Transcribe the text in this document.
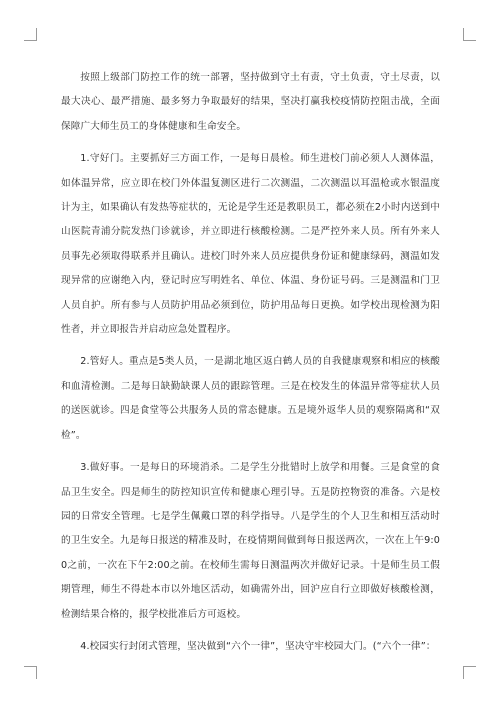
按照上级部门防控工作的统一部署，坚持做到守土有责，守土负责，守土尽责，以最大决心、最严措施、最多努力争取最好的结果，坚决打赢我校疫情防控阻击战，全面保障广大师生员工的身体健康和生命安全。

1.守好门。主要抓好三方面工作，一是每日晨检。师生进校门前必须人人测体温，如体温异常，应立即在校门外体温复测区进行二次测温，二次测温以耳温枪或水银温度计为主，如果确认有发热等症状的，无论是学生还是教职员工，都必须在2小时内送到中山医院青浦分院发热门诊就诊，并立即进行核酸检测。二是严控外来人员。所有外来人员事先必须取得联系并且确认。进校门时外来人员应提供身份证和健康绿码，测温如发现异常的应谢绝入内，登记时应写明姓名、单位、体温、身份证号码。三是测温和门卫人员自护。所有参与人员防护用品必须到位，防护用品每日更换。如学校出现检测为阳性者，并立即报告并启动应急处置程序。

2.管好人。重点是5类人员，一是湖北地区返白鹤人员的自我健康观察和相应的核酸和血清检测。二是每日缺勤缺课人员的跟踪管理。三是在校发生的体温异常等症状人员的送医就诊。四是食堂等公共服务人员的常态健康。五是境外返华人员的观察隔离和“双检”。

3.做好事。一是每日的环境消杀。二是学生分批错时上放学和用餐。三是食堂的食品卫生安全。四是师生的防控知识宣传和健康心理引导。五是防控物资的准备。六是校园的日常安全管理。七是学生佩戴口罩的科学指导。八是学生的个人卫生和相互活动时的卫生安全。九是每日报送的精准及时，在疫情期间做到每日报送两次，一次在上午9:00之前，一次在下午2:00之前。在校师生需每日测温两次并做好记录。十是师生员工假期管理，师生不得赴本市以外地区活动，如确需外出，回沪应自行立即做好核酸检测，检测结果合格的，报学校批准后方可返校。

4.校园实行封闭式管理，坚决做到“六个一律”，坚决守牢校园大门。(“六个一律”：
